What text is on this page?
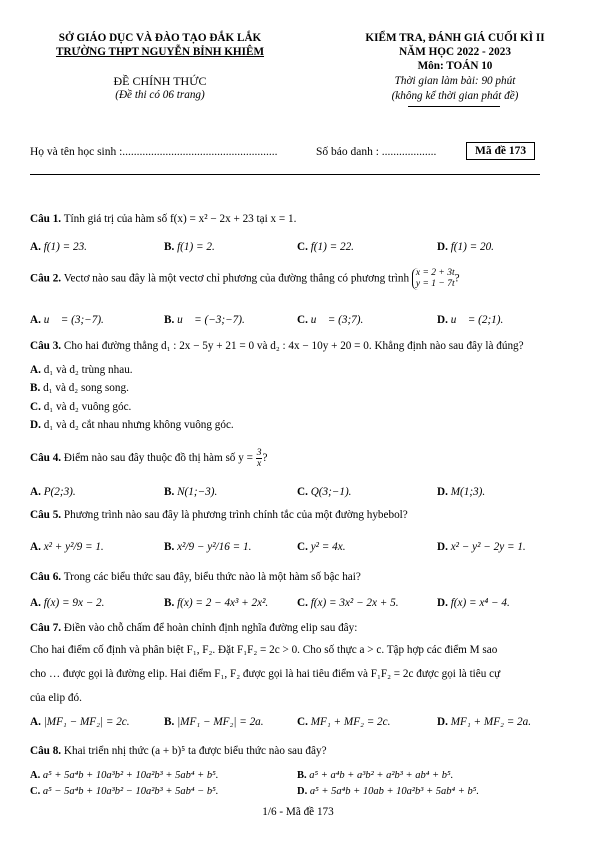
SỞ GIÁO DỤC VÀ ĐÀO TẠO ĐẮK LẮK
TRƯỜNG THPT NGUYỄN BỈNH KHIÊM
ĐỀ CHÍNH THỨC
(Đề thi có 06 trang)
KIỂM TRA, ĐÁNH GIÁ CUỐI KÌ II
NĂM HỌC 2022 - 2023
Môn: TOÁN 10
Thời gian làm bài: 90 phút
(không kể thời gian phát đề)
Họ và tên học sinh :......................................................	Số báo danh : ...................	Mã đề 173
Câu 1. Tính giá trị của hàm số f(x) = x² − 2x + 23 tại x = 1.
A. f(1) = 23.	B. f(1) = 2.	C. f(1) = 22.	D. f(1) = 20.
Câu 2. Vectơ nào sau đây là một vectơ chỉ phương của đường thẳng có phương trình x = 2 + 3t
y = 1 − 7t ?
A. u⃗ = (3;−7).	B. u⃗ = (−3;−7).	C. u⃗ = (3;7).	D. u⃗ = (2;1).
Câu 3. Cho hai đường thẳng d₁ : 2x − 5y + 21 = 0 và d₂ : 4x − 10y + 20 = 0. Khẳng định nào sau đây là đúng?
A. d₁ và d₂ trùng nhau.
B. d₁ và d₂ song song.
C. d₁ và d₂ vuông góc.
D. d₁ và d₂ cắt nhau nhưng không vuông góc.
Câu 4. Điểm nào sau đây thuộc đồ thị hàm số $y = \frac{3}{x}$ ?
A. P(2;3).	B. N(1;−3).	C. Q(3;−1).	D. M(1;3).
Câu 5. Phương trình nào sau đây là phương trình chính tắc của một đường hybebol?
A. x² + y²/9 = 1.	B. x²/9 − y²/16 = 1.	C. y² = 4x.	D. x² − y² − 2y = 1.
Câu 6. Trong các biểu thức sau đây, biểu thức nào là một hàm số bậc hai?
A. f(x) = 9x − 2.	B. f(x) = 2 − 4x³ + 2x².	C. f(x) = 3x² − 2x + 5.	D. f(x) = x⁴ − 4.
Câu 7. Điền vào chỗ chấm để hoàn chỉnh định nghĩa đường elip sau đây:
Cho hai điểm cố định và phân biệt F₁, F₂. Đặt F₁F₂ = 2c > 0. Cho số thực a > c. Tập hợp các điểm M sao
cho … được gọi là đường elip. Hai điểm F₁, F₂ được gọi là hai tiêu điểm và F₁F₂ = 2c được gọi là tiêu cự
của elip đó.
A. |MF₁ − MF₂| = 2c.	B. |MF₁ − MF₂| = 2a.	C. MF₁ + MF₂ = 2c.	D. MF₁ + MF₂ = 2a.
Câu 8. Khai triển nhị thức (a + b)⁵ ta được biểu thức nào sau đây?
A. a⁵ + 5a⁴b + 10a³b² + 10a²b³ + 5ab⁴ + b⁵.	B. a⁵ + a⁴b + a³b² + a²b³ + ab⁴ + b⁵.
C. a⁵ − 5a⁴b + 10a³b² − 10a²b³ + 5ab⁴ − b⁵.	D. a⁵ + 5a⁴b + 10ab + 10a²b³ + 5ab⁴ + b⁵.
1/6 - Mã đề 173
